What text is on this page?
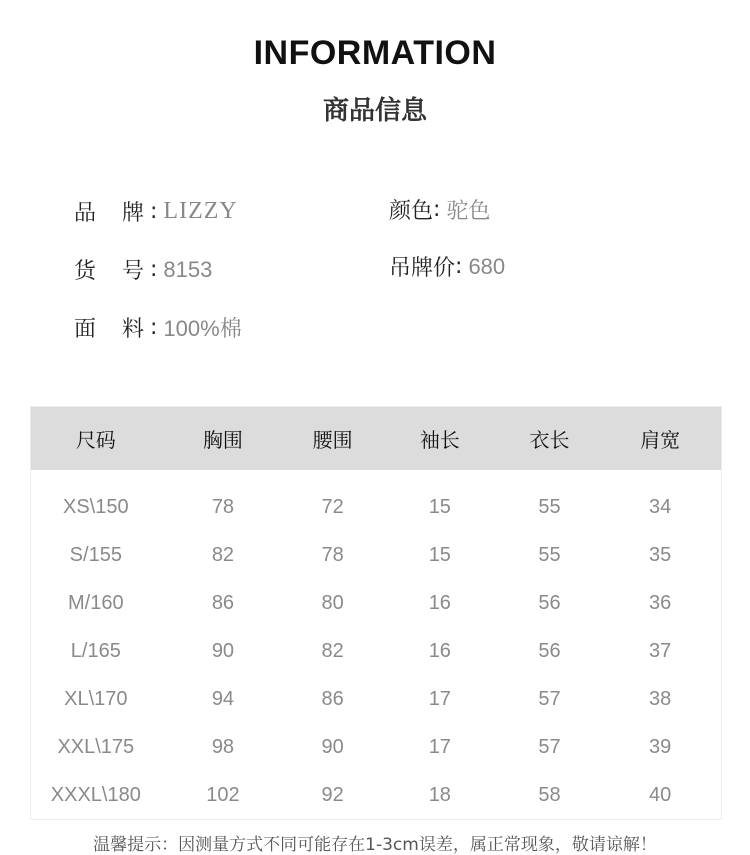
INFORMATION
商品信息
品 牌 : LIZZY
货 号 : 8153
面 料 : 100%棉
颜色 : 驼色
吊牌价 : 680
尺码	胸围	腰围	袖长	衣长	肩宽
XS\150	78	72	15	55	34
S/155	82	78	15	55	35
M/160	86	80	16	56	36
L/165	90	82	16	56	37
XL\170	94	86	17	57	38
XXL\175	98	90	17	57	39
XXXL\180	102	92	18	58	40
温馨提示：因测量方式不同可能存在1-3cm误差，属正常现象，敬请谅解！
